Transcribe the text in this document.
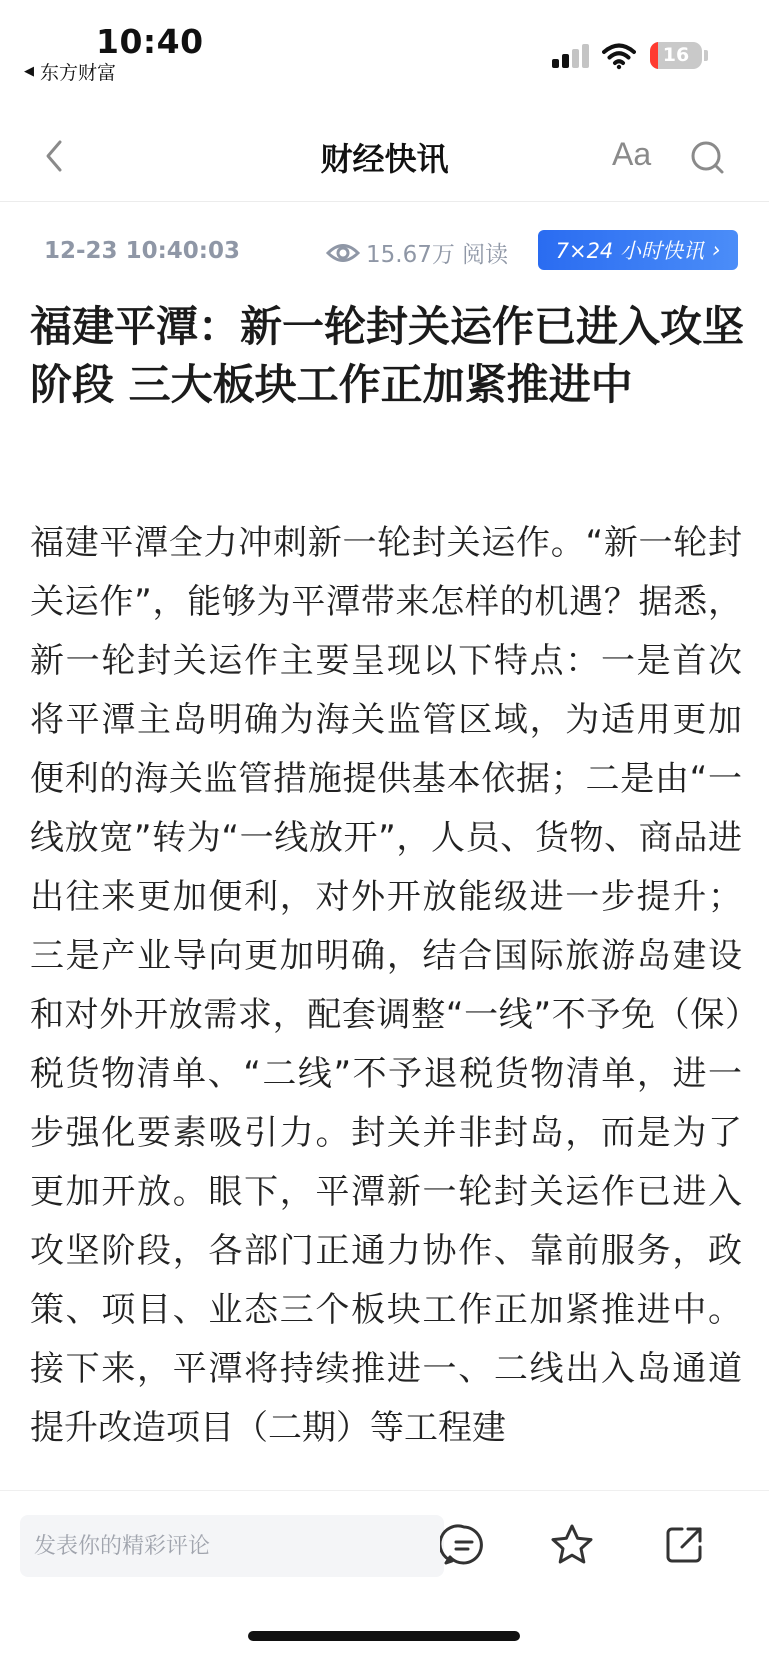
10:40
◀ 东方财富
16
财经快讯	Aa
12-23 10:40:03	15.67万 阅读 7×24 小时快讯 ›
福建平潭：新一轮封关运作已进入攻坚阶段 三大板块工作正加紧推进中
福建平潭全力冲刺新一轮封关运作。“新一轮封关运作”，能够为平潭带来怎样的机遇？据悉，新一轮封关运作主要呈现以下特点：一是首次将平潭主岛明确为海关监管区域，为适用更加便利的海关监管措施提供基本依据；二是由“一线放宽”转为“一线放开”，人员、货物、商品进出往来更加便利，对外开放能级进一步提升；三是产业导向更加明确，结合国际旅游岛建设和对外开放需求，配套调整“一线”不予免（保）税货物清单、“二线”不予退税货物清单，进一步强化要素吸引力。封关并非封岛，而是为了更加开放。眼下，平潭新一轮封关运作已进入攻坚阶段，各部门正通力协作、靠前服务，政策、项目、业态三个板块工作正加紧推进中。接下来，平潭将持续推进一、二线出入岛通道提升改造项目（二期）等工程建
发表你的精彩评论
